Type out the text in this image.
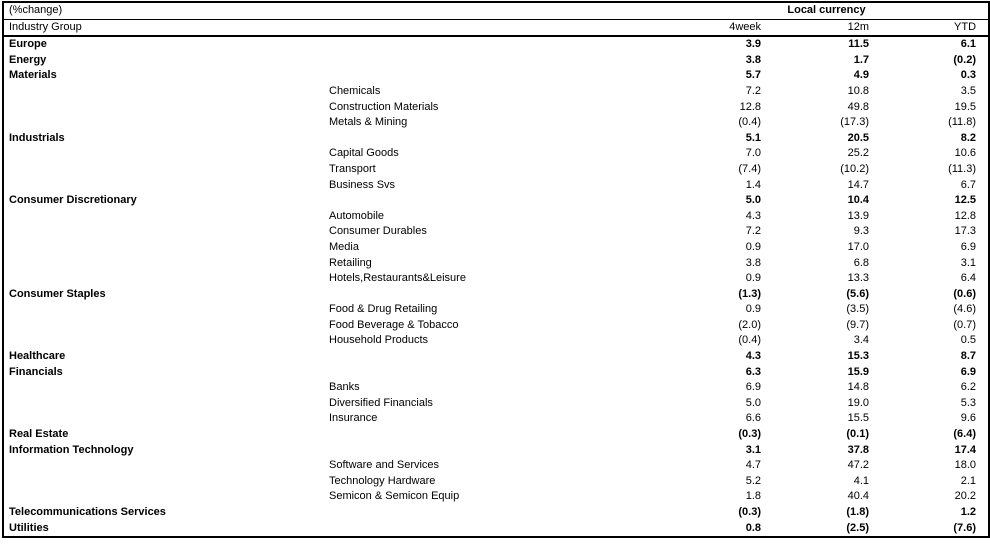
(%change)		Local currency		
Industry Group		4week	12m	YTD
Europe		3.9	11.5	6.1
Energy		3.8	1.7	(0.2)
Materials		5.7	4.9	0.3
	Chemicals	7.2	10.8	3.5
	Construction Materials	12.8	49.8	19.5
	Metals & Mining	(0.4)	(17.3)	(11.8)
Industrials		5.1	20.5	8.2
	Capital Goods	7.0	25.2	10.6
	Transport	(7.4)	(10.2)	(11.3)
	Business Svs	1.4	14.7	6.7
Consumer Discretionary		5.0	10.4	12.5
	Automobile	4.3	13.9	12.8
	Consumer Durables	7.2	9.3	17.3
	Media	0.9	17.0	6.9
	Retailing	3.8	6.8	3.1
	Hotels,Restaurants&Leisure	0.9	13.3	6.4
Consumer Staples		(1.3)	(5.6)	(0.6)
	Food & Drug Retailing	0.9	(3.5)	(4.6)
	Food Beverage & Tobacco	(2.0)	(9.7)	(0.7)
	Household Products	(0.4)	3.4	0.5
Healthcare		4.3	15.3	8.7
Financials		6.3	15.9	6.9
	Banks	6.9	14.8	6.2
	Diversified Financials	5.0	19.0	5.3
	Insurance	6.6	15.5	9.6
Real Estate		(0.3)	(0.1)	(6.4)
Information Technology		3.1	37.8	17.4
	Software and Services	4.7	47.2	18.0
	Technology Hardware	5.2	4.1	2.1
	Semicon & Semicon Equip	1.8	40.4	20.2
Telecommunications Services		(0.3)	(1.8)	1.2
Utilities		0.8	(2.5)	(7.6)
